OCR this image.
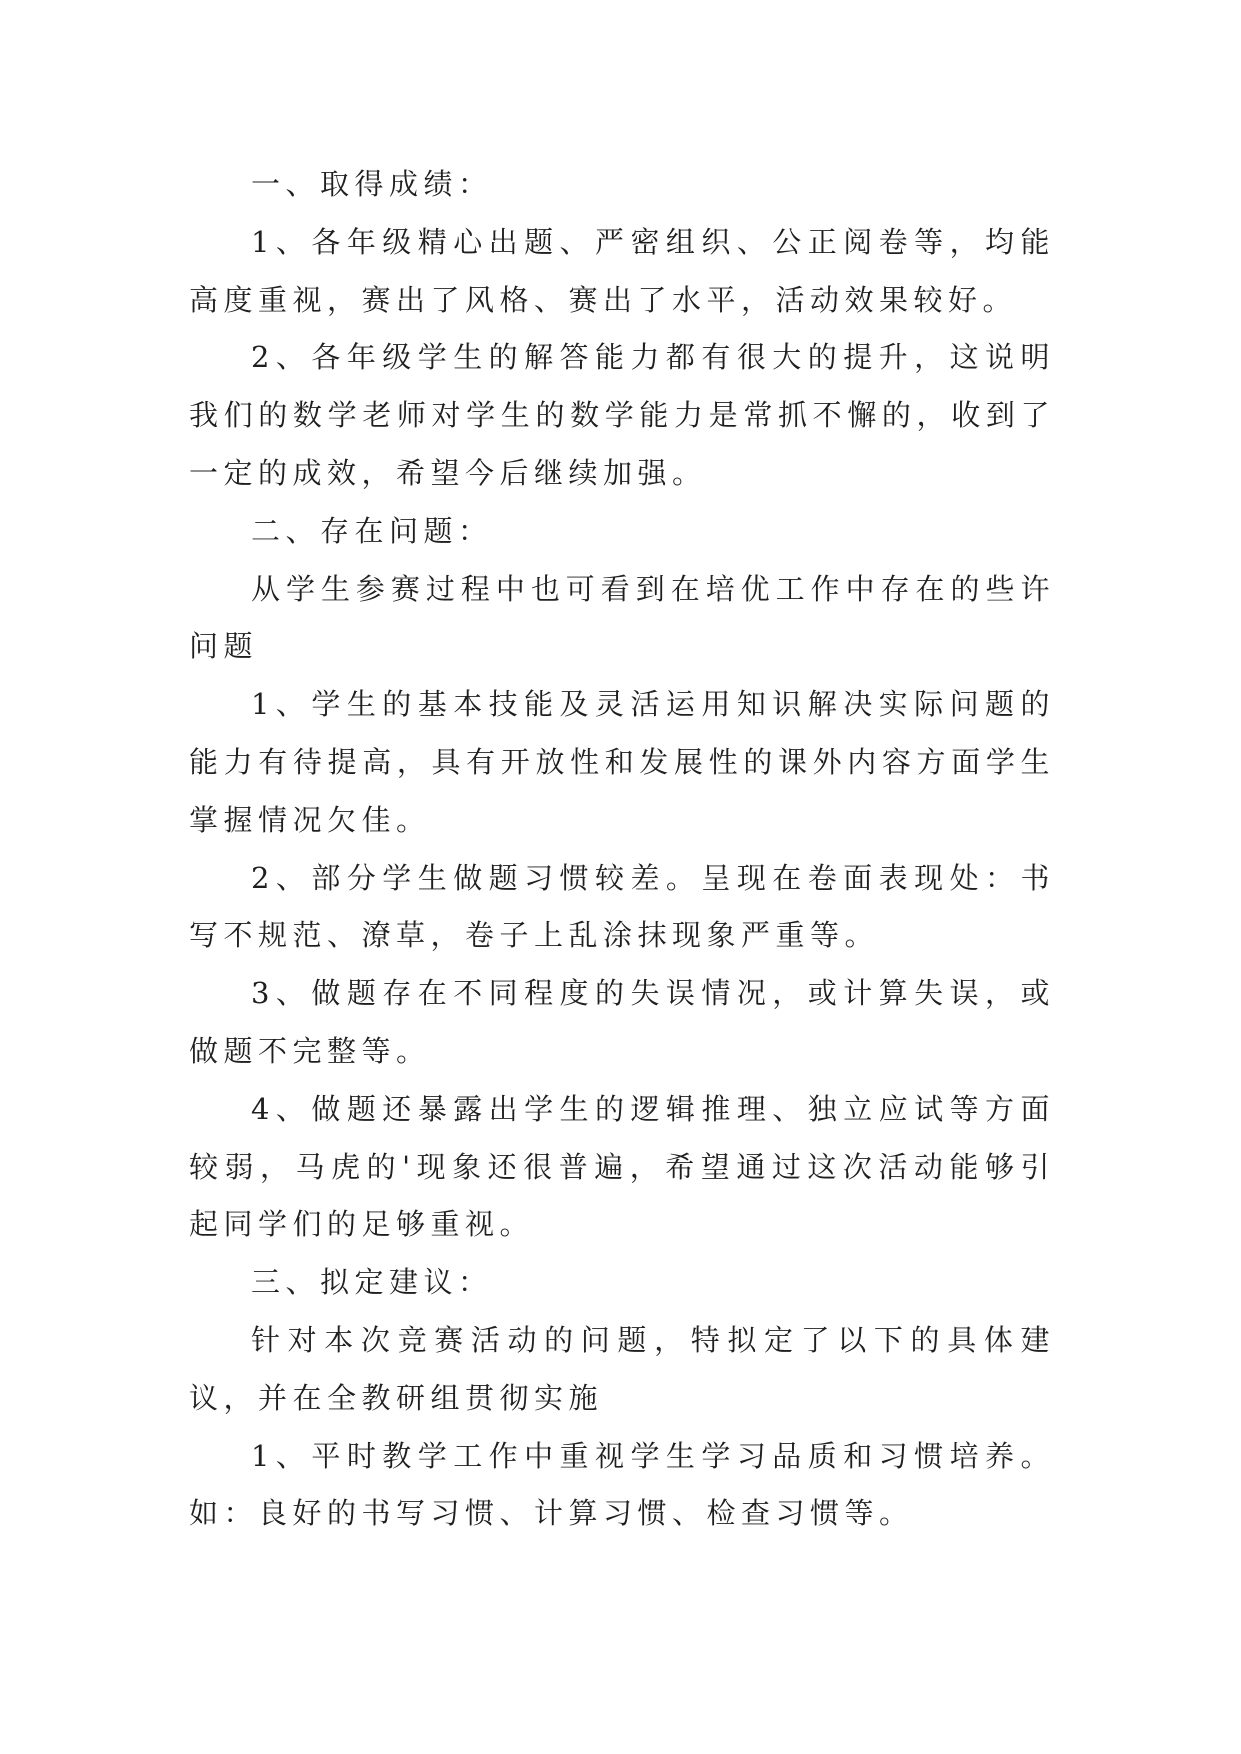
一、取得成绩：

1、各年级精心出题、严密组织、公正阅卷等，均能高度重视，赛出了风格、赛出了水平，活动效果较好。

2、各年级学生的解答能力都有很大的提升，这说明我们的数学老师对学生的数学能力是常抓不懈的，收到了一定的成效，希望今后继续加强。

二、存在问题：

从学生参赛过程中也可看到在培优工作中存在的些许问题

1、学生的基本技能及灵活运用知识解决实际问题的能力有待提高，具有开放性和发展性的课外内容方面学生掌握情况欠佳。

2、部分学生做题习惯较差。呈现在卷面表现处：书写不规范、潦草，卷子上乱涂抹现象严重等。

3、做题存在不同程度的失误情况，或计算失误，或做题不完整等。

4、做题还暴露出学生的逻辑推理、独立应试等方面较弱，马虎的'现象还很普遍，希望通过这次活动能够引起同学们的足够重视。

三、拟定建议：

针对本次竞赛活动的问题，特拟定了以下的具体建议，并在全教研组贯彻实施

1、平时教学工作中重视学生学习品质和习惯培养。如：良好的书写习惯、计算习惯、检查习惯等。
